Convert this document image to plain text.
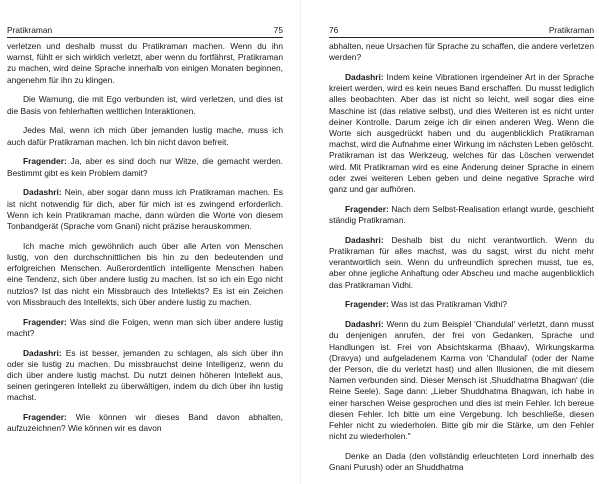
Pratikraman	75

verletzen und deshalb musst du Pratikraman machen. Wenn du ihn warnst, fühlt er sich wirklich verletzt, aber wenn du fortfährst, Pratikraman zu machen, wird deine Sprache innerhalb von einigen Monaten beginnen, angenehm für ihn zu klingen.

Die Warnung, die mit Ego verbunden ist, wird verletzen, und dies ist die Basis von fehlerhaften weltlichen Interaktionen.

Jedes Mal, wenn ich mich über jemanden lustig mache, muss ich auch dafür Pratikraman machen. Ich bin nicht davon befreit.

Fragender: Ja, aber es sind doch nur Witze, die gemacht werden. Bestimmt gibt es kein Problem damit?

Dadashri: Nein, aber sogar dann muss ich Pratikraman machen. Es ist nicht notwendig für dich, aber für mich ist es zwingend erforderlich. Wenn ich kein Pratikraman mache, dann würden die Worte von diesem Tonbandgerät (Sprache vom Gnani) nicht präzise herauskommen.

Ich mache mich gewöhnlich auch über alle Arten von Menschen lustig, von den durchschnittlichen bis hin zu den bedeutenden und erfolgreichen Menschen. Außerordentlich intelligente Menschen haben eine Tendenz, sich über andere lustig zu machen. Ist so ich ein Ego nicht nutzlos? Ist das nicht ein Missbrauch des Intellekts? Es ist ein Zeichen von Missbrauch des Intellekts, sich über andere lustig zu machen.

Fragender: Was sind die Folgen, wenn man sich über andere lustig macht?

Dadashri: Es ist besser, jemanden zu schlagen, als sich über ihn oder sie lustig zu machen. Du missbrauchst deine Intelligenz, wenn du dich über andere lustig machst. Du nutzt deinen höheren Intellekt aus, seinen geringeren Intellekt zu überwältigen, indem du dich über ihn lustig machst.

Fragender: Wie können wir dieses Band davon abhalten, aufzuzeichnen? Wie können wir es davon

76	Pratikraman

abhalten, neue Ursachen für Sprache zu schaffen, die andere verletzen werden?

Dadashri: Indem keine Vibrationen irgendeiner Art in der Sprache kreiert werden, wird es kein neues Band erschaffen. Du musst lediglich alles beobachten. Aber das ist nicht so leicht, weil sogar dies eine Maschine ist (das relative selbst), und dies Weiteren ist es nicht unter deiner Kontrolle. Darum zeige ich dir einen anderen Weg. Wenn die Worte sich ausgedrückt haben und du augenblicklich Pratikraman machst, wird die Aufnahme einer Wirkung im nächsten Leben gelöscht. Pratikraman ist das Werkzeug, welches für das Löschen verwendet wird. Mit Pratikraman wird es eine Änderung deiner Sprache in einem oder zwei weiteren Leben geben und deine negative Sprache wird ganz und gar aufhören.

Fragender: Nach dem Selbst-Realisation erlangt wurde, geschieht ständig Pratikraman.

Dadashri: Deshalb bist du nicht verantwortlich. Wenn du Pratikraman für alles machst, was du sagst, wirst du nicht mehr verantwortlich sein. Wenn du unfreundlich sprechen musst, tue es, aber ohne jegliche Anhaftung oder Abscheu und mache augenblicklich das Pratikraman Vidhi.

Fragender: Was ist das Pratikraman Vidhi?

Dadashri: Wenn du zum Beispiel 'Chandulal' verletzt, dann musst du denjenigen anrufen, der frei von Gedanken, Sprache und Handlungen ist. Frei von Absichtskarma (Bhaav), Wirkungskarma (Dravya) und aufgeladenem Karma von 'Chandulal' (oder der Name der Person, die du verletzt hast) und allen Illusionen, die mit diesem Namen verbunden sind. Dieser Mensch ist ‚Shuddhatma Bhagwan' (die Reine Seele). Sage dann: „Lieber Shuddhatma Bhagwan, ich habe in einer harschen Weise gesprochen und dies ist mein Fehler. Ich bereue diesen Fehler. Ich bitte um eine Vergebung. Ich beschließe, diesen Fehler nicht zu wiederholen. Bitte gib mir die Stärke, um den Fehler nicht zu wiederholen."

Denke an Dada (den vollständig erleuchteten Lord innerhalb des Gnani Purush) oder an Shuddhatma
